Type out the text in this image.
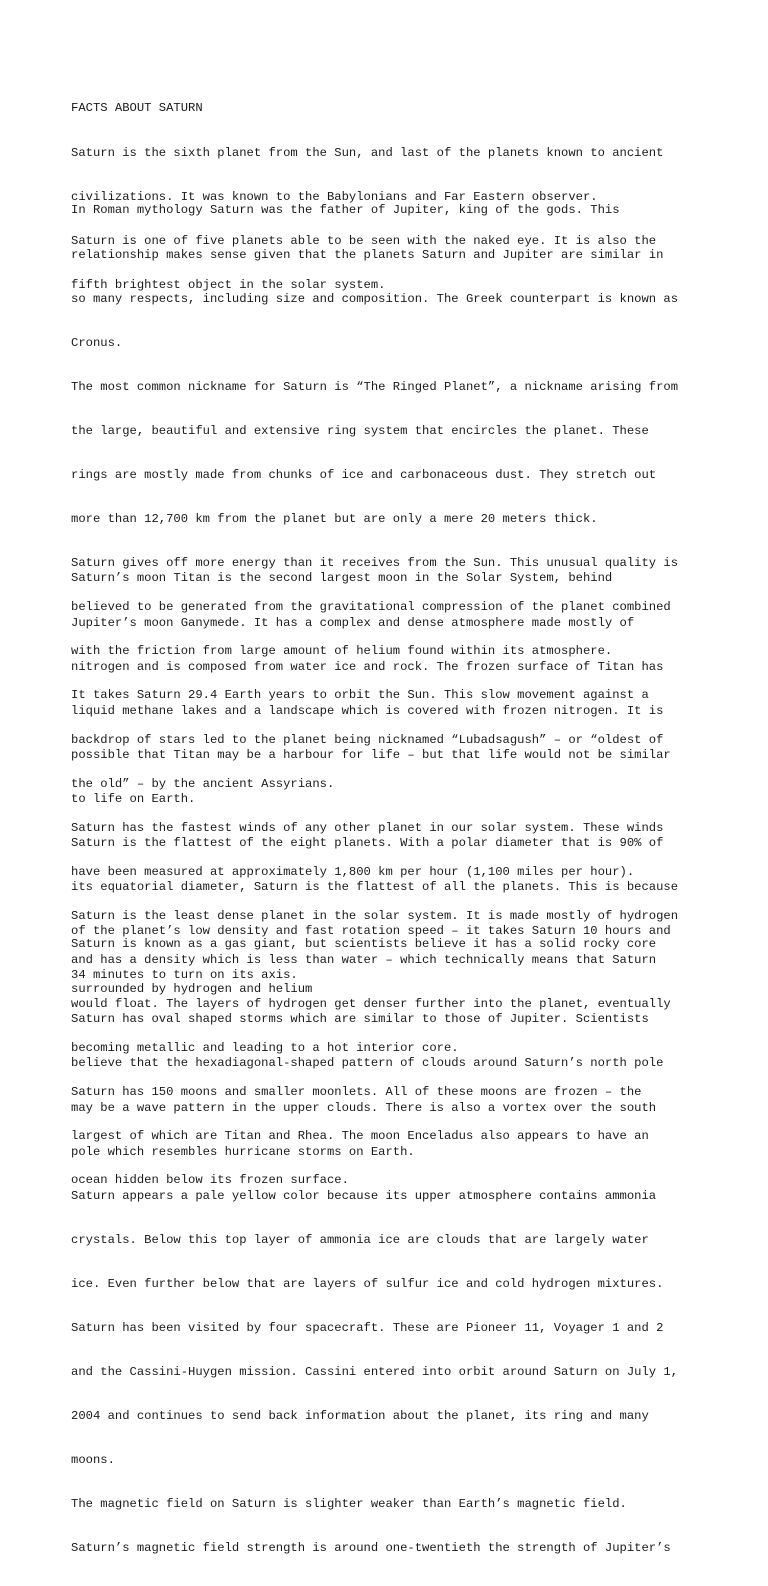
FACTS ABOUT SATURN

Saturn is the sixth planet from the Sun, and last of the planets known to ancient

civilizations. It was known to the Babylonians and Far Eastern observer.

Saturn is one of five planets able to be seen with the naked eye. It is also the

fifth brightest object in the solar system.

In Roman mythology Saturn was the father of Jupiter, king of the gods. This

relationship makes sense given that the planets Saturn and Jupiter are similar in

so many respects, including size and composition. The Greek counterpart is known as

Cronus.

The most common nickname for Saturn is “The Ringed Planet”, a nickname arising from

the large, beautiful and extensive ring system that encircles the planet. These

rings are mostly made from chunks of ice and carbonaceous dust. They stretch out

more than 12,700 km from the planet but are only a mere 20 meters thick.

Saturn gives off more energy than it receives from the Sun. This unusual quality is

believed to be generated from the gravitational compression of the planet combined

with the friction from large amount of helium found within its atmosphere.

It takes Saturn 29.4 Earth years to orbit the Sun. This slow movement against a

backdrop of stars led to the planet being nicknamed “Lubadsagush” – or “oldest of

the old” – by the ancient Assyrians.

Saturn has the fastest winds of any other planet in our solar system. These winds

have been measured at approximately 1,800 km per hour (1,100 miles per hour).

Saturn is the least dense planet in the solar system. It is made mostly of hydrogen

and has a density which is less than water – which technically means that Saturn

would float. The layers of hydrogen get denser further into the planet, eventually

becoming metallic and leading to a hot interior core.

Saturn has 150 moons and smaller moonlets. All of these moons are frozen – the

largest of which are Titan and Rhea. The moon Enceladus also appears to have an

ocean hidden below its frozen surface.

Saturn’s moon Titan is the second largest moon in the Solar System, behind

Jupiter’s moon Ganymede. It has a complex and dense atmosphere made mostly of

nitrogen and is composed from water ice and rock. The frozen surface of Titan has

liquid methane lakes and a landscape which is covered with frozen nitrogen. It is

possible that Titan may be a harbour for life – but that life would not be similar

to life on Earth.

Saturn is the flattest of the eight planets. With a polar diameter that is 90% of

its equatorial diameter, Saturn is the flattest of all the planets. This is because

of the planet’s low density and fast rotation speed – it takes Saturn 10 hours and

34 minutes to turn on its axis.

Saturn has oval shaped storms which are similar to those of Jupiter. Scientists

believe that the hexadiagonal-shaped pattern of clouds around Saturn’s north pole

may be a wave pattern in the upper clouds. There is also a vortex over the south

pole which resembles hurricane storms on Earth.

Saturn appears a pale yellow color because its upper atmosphere contains ammonia

crystals. Below this top layer of ammonia ice are clouds that are largely water

ice. Even further below that are layers of sulfur ice and cold hydrogen mixtures.

Saturn has been visited by four spacecraft. These are Pioneer 11, Voyager 1 and 2

and the Cassini-Huygen mission. Cassini entered into orbit around Saturn on July 1,

2004 and continues to send back information about the planet, its ring and many

moons.

The magnetic field on Saturn is slighter weaker than Earth’s magnetic field.

Saturn’s magnetic field strength is around one-twentieth the strength of Jupiter’s

Saturn is known as a gas giant, but scientists believe it has a solid rocky core

surrounded by hydrogen and helium
